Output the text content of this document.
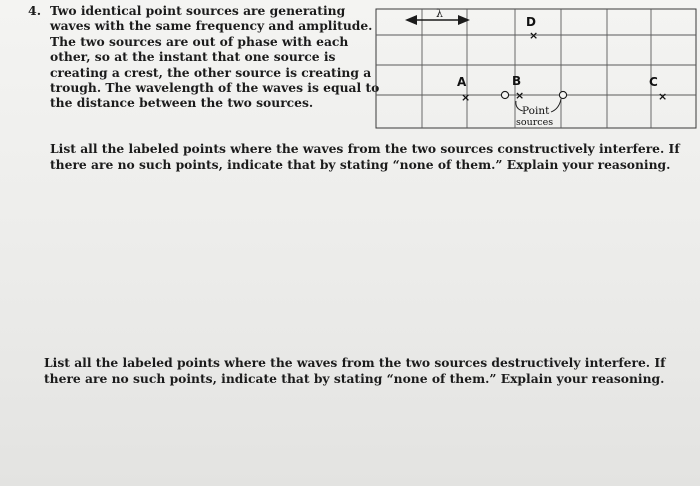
4. Two identical point sources are generating
waves with the same frequency and amplitude.
The two sources are out of phase with each
other, so at the instant that one source is
creating a crest, the other source is creating a
trough. The wavelength of the waves is equal to
the distance between the two sources.
λ
D
×
A
×
B
×
C
×
Point
sources
List all the labeled points where the waves from the two sources constructively interfere. If
there are no such points, indicate that by stating “none of them.” Explain your reasoning.
List all the labeled points where the waves from the two sources destructively interfere. If
there are no such points, indicate that by stating “none of them.” Explain your reasoning.
